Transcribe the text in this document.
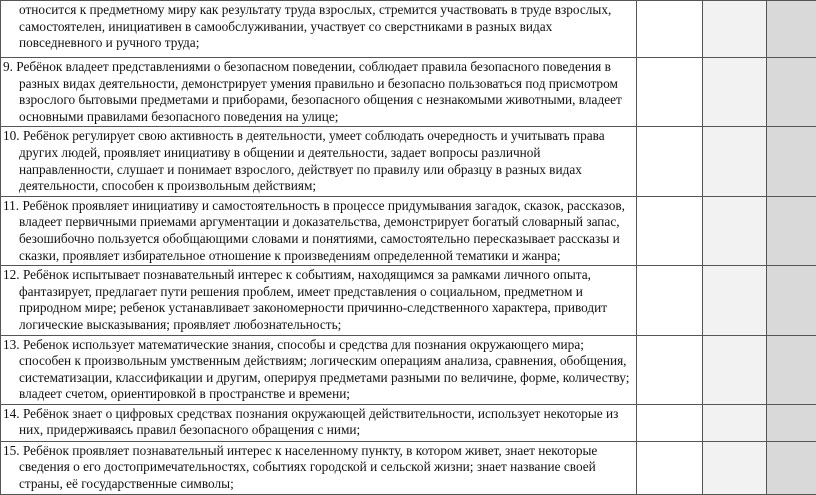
относится к предметному миру как результату труда взрослых, стремится участвовать в труде взрослых, самостоятелен, инициативен в самообслуживании, участвует со сверстниками в разных видах повседневного и ручного труда;			

9. Ребёнок владеет представлениями о безопасном поведении, соблюдает правила безопасного поведения в разных видах деятельности, демонстрирует умения правильно и безопасно пользоваться под присмотром взрослого бытовыми предметами и приборами, безопасного общения с незнакомыми животными, владеет основными правилами безопасного поведения на улице;			

10. Ребёнок регулирует свою активность в деятельности, умеет соблюдать очередность и учитывать права других людей, проявляет инициативу в общении и деятельности, задает вопросы различной направленности, слушает и понимает взрослого, действует по правилу или образцу в разных видах деятельности, способен к произвольным действиям;			

11. Ребёнок проявляет инициативу и самостоятельность в процессе придумывания загадок, сказок, рассказов, владеет первичными приемами аргументации и доказательства, демонстрирует богатый словарный запас, безошибочно пользуется обобщающими словами и понятиями, самостоятельно пересказывает рассказы и сказки, проявляет избирательное отношение к произведениям определенной тематики и жанра;			

12. Ребёнок испытывает познавательный интерес к событиям, находящимся за рамками личного опыта, фантазирует, предлагает пути решения проблем, имеет представления о социальном, предметном и природном мире; ребенок устанавливает закономерности причинно-следственного характера, приводит логические высказывания; проявляет любознательность;			

13. Ребенок использует математические знания, способы и средства для познания окружающего мира; способен к произвольным умственным действиям; логическим операциям анализа, сравнения, обобщения, систематизации, классификации и другим, оперируя предметами разными по величине, форме, количеству; владеет счетом, ориентировкой в пространстве и времени;			

14. Ребёнок знает о цифровых средствах познания окружающей действительности, использует некоторые из них, придерживаясь правил безопасного обращения с ними;			

15. Ребёнок проявляет познавательный интерес к населенному пункту, в котором живет, знает некоторые сведения о его достопримечательностях, событиях городской и сельской жизни; знает название своей страны, её государственные символы;			
